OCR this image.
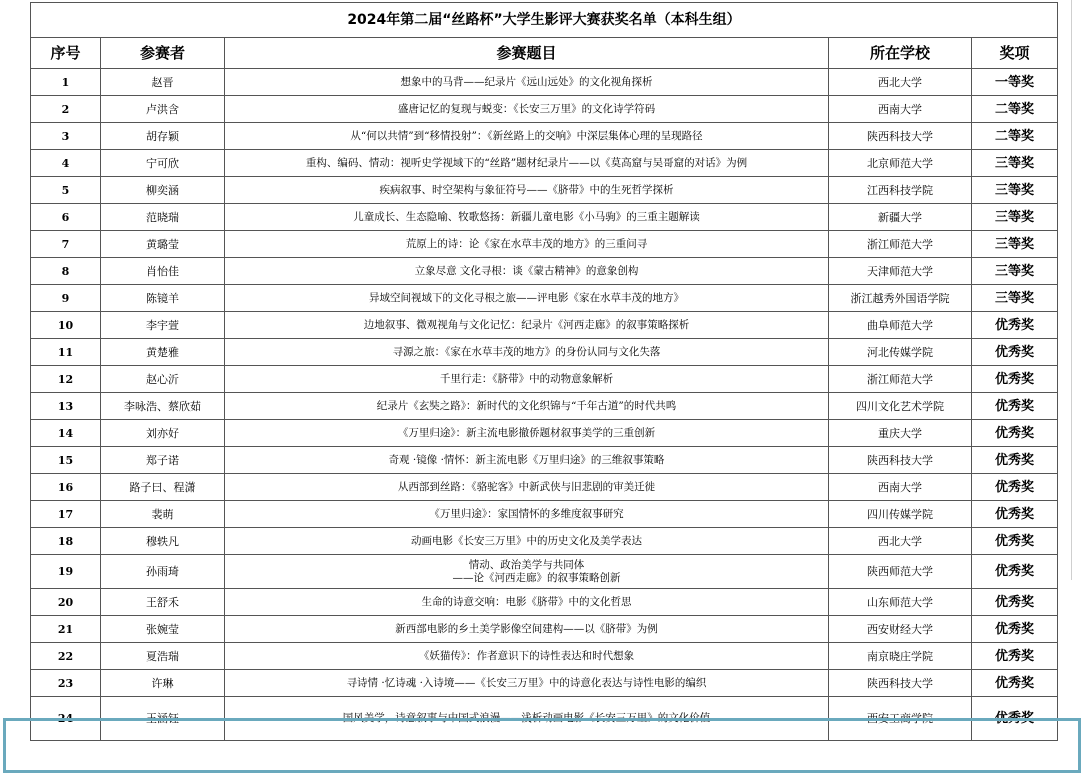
2024年第二届“丝路杯”大学生影评大赛获奖名单（本科生组）				
序号	参赛者	参赛题目	所在学校	奖项
1	赵晋	想象中的马背——纪录片《远山远处》的文化视角探析	西北大学	一等奖
2	卢洪含	盛唐记忆的复现与蜕变：《长安三万里》的文化诗学符码	西南大学	二等奖
3	胡存颖	从“何以共情”到“移情投射”：《新丝路上的交响》中深层集体心理的呈现路径	陕西科技大学	二等奖
4	宁可欣	重构、编码、情动：视听史学视域下的“丝路”题材纪录片——以《莫高窟与吴哥窟的对话》为例	北京师范大学	三等奖
5	柳奕涵	疾病叙事、时空架构与象征符号——《脐带》中的生死哲学探析	江西科技学院	三等奖
6	范晓瑞	儿童成长、生态隐喻、牧歌悠扬：新疆儿童电影《小马驹》的三重主题解读	新疆大学	三等奖
7	黄璐莹	荒原上的诗：论《家在水草丰茂的地方》的三重问寻	浙江师范大学	三等奖
8	肖怡佳	立象尽意 文化寻根：谈《蒙古精神》的意象创构	天津师范大学	三等奖
9	陈镜羊	异域空间视域下的文化寻根之旅——评电影《家在水草丰茂的地方》	浙江越秀外国语学院	三等奖
10	李宇萱	边地叙事、微观视角与文化记忆：纪录片《河西走廊》的叙事策略探析	曲阜师范大学	优秀奖
11	黄楚雅	寻源之旅：《家在水草丰茂的地方》的身份认同与文化失落	河北传媒学院	优秀奖
12	赵心沂	千里行走：《脐带》中的动物意象解析	浙江师范大学	优秀奖
13	李咏浩、蔡欣茹	纪录片《玄奘之路》：新时代的文化织锦与“千年古道”的时代共鸣	四川文化艺术学院	优秀奖
14	刘亦好	《万里归途》：新主流电影撤侨题材叙事美学的三重创新	重庆大学	优秀奖
15	郑子诺	奇观 ·镜像 ·情怀：新主流电影《万里归途》的三维叙事策略	陕西科技大学	优秀奖
16	路子曰、程潇	从西部到丝路：《骆驼客》中新武侠与旧悲剧的审美迁徙	西南大学	优秀奖
17	裴萌	《万里归途》：家国情怀的多维度叙事研究	四川传媒学院	优秀奖
18	穆轶凡	动画电影《长安三万里》中的历史文化及美学表达	西北大学	优秀奖
19	孙雨琦	情动、政治美学与共同体
——论《河西走廊》的叙事策略创新	陕西师范大学	优秀奖
20	王舒禾	生命的诗意交响：电影《脐带》中的文化哲思	山东师范大学	优秀奖
21	张婉莹	新西部电影的乡土美学影像空间建构——以《脐带》为例	西安财经大学	优秀奖
22	夏浩瑞	《妖猫传》：作者意识下的诗性表达和时代想象	南京晓庄学院	优秀奖
23	许琳	寻诗情 ·忆诗魂 ·入诗境——《长安三万里》中的诗意化表达与诗性电影的编织	陕西科技大学	优秀奖
24	王涵钰	国风美学，诗意叙事与中国式浪漫——浅析动画电影《长安三万里》的文化价值	西安工商学院	优秀奖
